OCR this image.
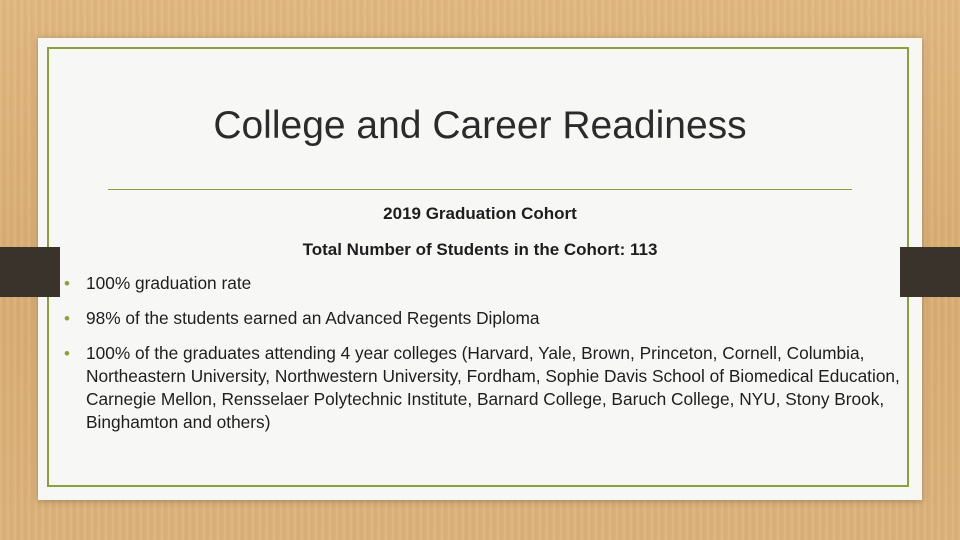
College and Career Readiness
2019 Graduation Cohort
Total Number of Students in the Cohort: 113
• 100% graduation rate
• 98% of the students earned an Advanced Regents Diploma
• 100% of the graduates attending 4 year colleges (Harvard, Yale, Brown, Princeton, Cornell, Columbia, Northeastern University, Northwestern University, Fordham, Sophie Davis School of Biomedical Education, Carnegie Mellon, Rensselaer Polytechnic Institute, Barnard College, Baruch College, NYU, Stony Brook, Binghamton and others)
